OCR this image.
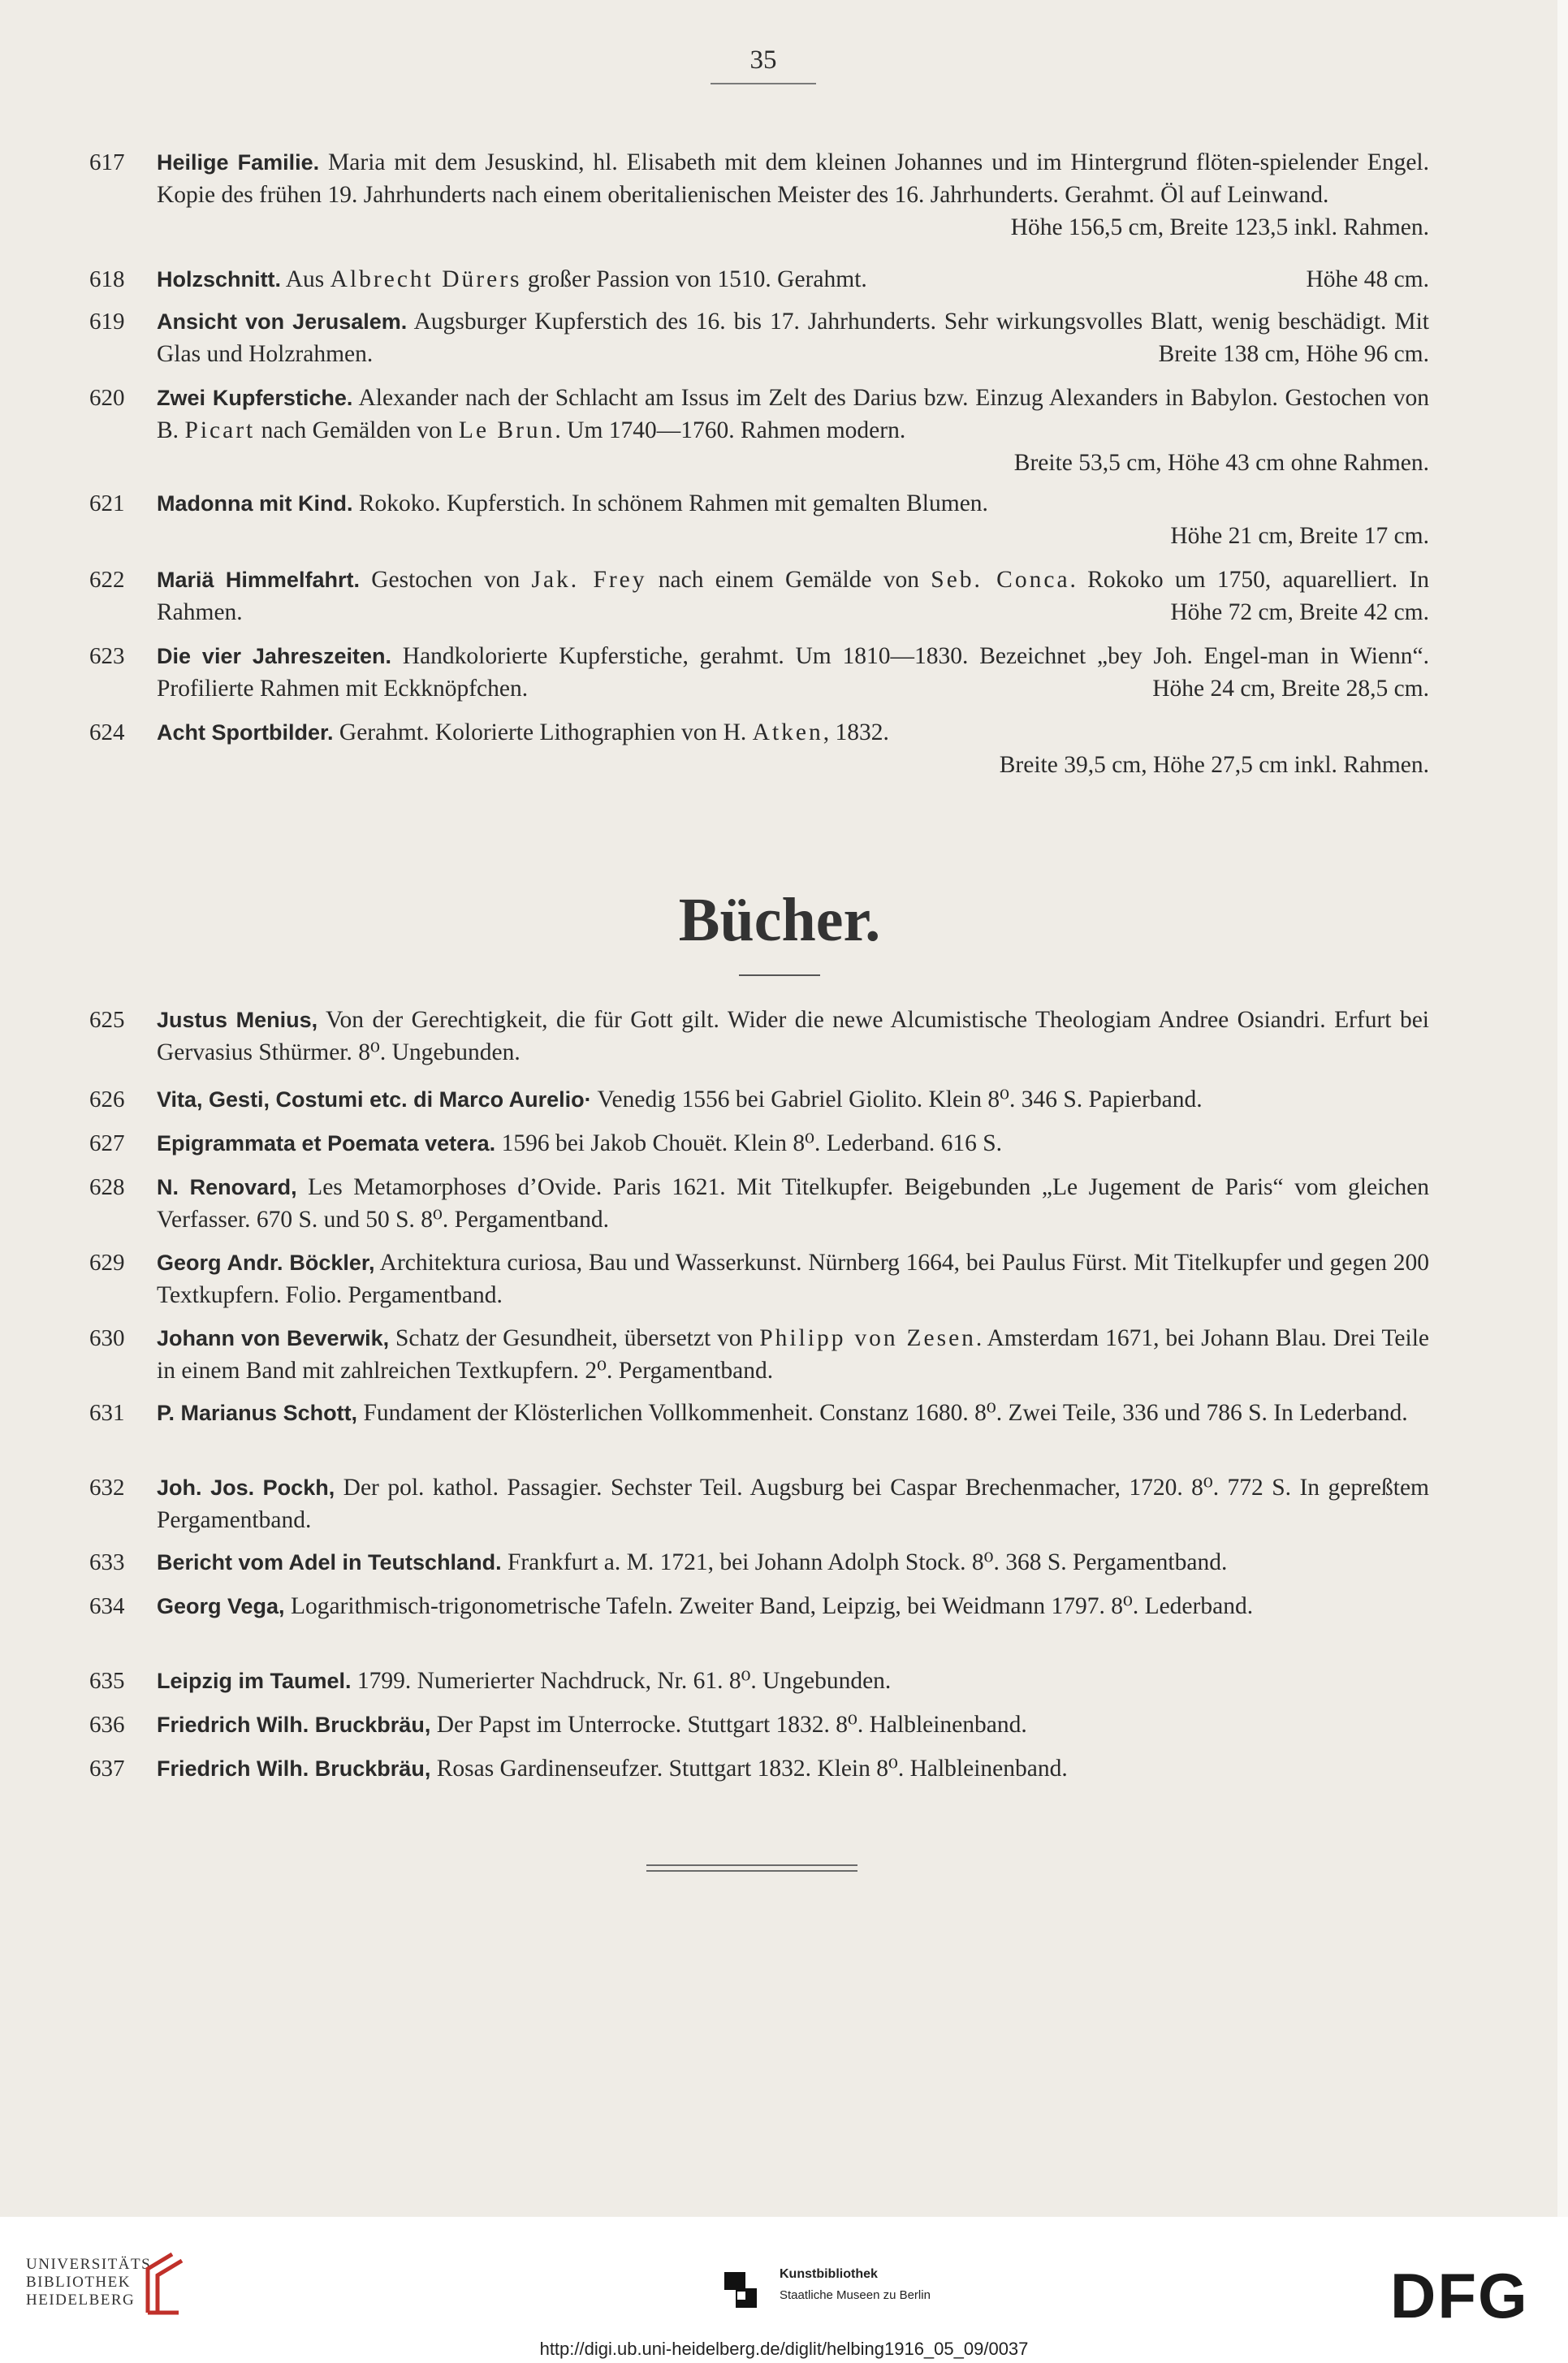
35
617	Heilige Familie. Maria mit dem Jesuskind, hl. Elisabeth mit dem kleinen Johannes und im Hintergrund flöten-spielender Engel. Kopie des frühen 19. Jahrhunderts nach einem oberitalienischen Meister des 16. Jahrhunderts. Gerahmt. Öl auf Leinwand.
Höhe 156,5 cm, Breite 123,5 inkl. Rahmen.
618	Holzschnitt. Aus Albrecht Dürers großer Passion von 1510. Gerahmt.	Höhe 48 cm.
619	Ansicht von Jerusalem. Augsburger Kupferstich des 16. bis 17. Jahrhunderts. Sehr wirkungsvolles Blatt, wenig beschädigt. Mit Glas und Holzrahmen.	Breite 138 cm, Höhe 96 cm.
620	Zwei Kupferstiche. Alexander nach der Schlacht am Issus im Zelt des Darius bzw. Einzug Alexanders in Babylon. Gestochen von B. Picart nach Gemälden von Le Brun. Um 1740—1760. Rahmen modern.
Breite 53,5 cm, Höhe 43 cm ohne Rahmen.
621	Madonna mit Kind. Rokoko. Kupferstich. In schönem Rahmen mit gemalten Blumen.
Höhe 21 cm, Breite 17 cm.
622	Mariä Himmelfahrt. Gestochen von Jak. Frey nach einem Gemälde von Seb. Conca. Rokoko um 1750, aquarelliert. In Rahmen.	Höhe 72 cm, Breite 42 cm.
623	Die vier Jahreszeiten. Handkolorierte Kupferstiche, gerahmt. Um 1810—1830. Bezeichnet „bey Joh. Engel-man in Wienn“. Profilierte Rahmen mit Eckknöpfchen.	Höhe 24 cm, Breite 28,5 cm.
624	Acht Sportbilder. Gerahmt. Kolorierte Lithographien von H. Atken, 1832.
Breite 39,5 cm, Höhe 27,5 cm inkl. Rahmen.
Bücher.
625	Justus Menius, Von der Gerechtigkeit, die für Gott gilt. Wider die newe Alcumistische Theologiam Andree Osiandri. Erfurt bei Gervasius Sthürmer. 8⁰. Ungebunden.
626	Vita, Gesti, Costumi etc. di Marco Aurelio· Venedig 1556 bei Gabriel Giolito. Klein 8⁰. 346 S. Papierband.
627	Epigrammata et Poemata vetera. 1596 bei Jakob Chouët. Klein 8⁰. Lederband. 616 S.
628	N. Renovard, Les Metamorphoses d’Ovide. Paris 1621. Mit Titelkupfer. Beigebunden „Le Jugement de Paris“ vom gleichen Verfasser. 670 S. und 50 S. 8⁰. Pergamentband.
629	Georg Andr. Böckler, Architektura curiosa, Bau und Wasserkunst. Nürnberg 1664, bei Paulus Fürst. Mit Titelkupfer und gegen 200 Textkupfern. Folio. Pergamentband.
630	Johann von Beverwik, Schatz der Gesundheit, übersetzt von Philipp von Zesen. Amsterdam 1671, bei Johann Blau. Drei Teile in einem Band mit zahlreichen Textkupfern. 2⁰. Pergamentband.
631	P. Marianus Schott, Fundament der Klösterlichen Vollkommenheit. Constanz 1680. 8⁰. Zwei Teile, 336 und 786 S. In Lederband.
632	Joh. Jos. Pockh, Der pol. kathol. Passagier. Sechster Teil. Augsburg bei Caspar Brechenmacher, 1720. 8⁰. 772 S. In gepreßtem Pergamentband.
633	Bericht vom Adel in Teutschland. Frankfurt a. M. 1721, bei Johann Adolph Stock. 8⁰. 368 S. Pergamentband.
634	Georg Vega, Logarithmisch-trigonometrische Tafeln. Zweiter Band, Leipzig, bei Weidmann 1797. 8⁰. Lederband.
635	Leipzig im Taumel. 1799. Numerierter Nachdruck, Nr. 61. 8⁰. Ungebunden.
636	Friedrich Wilh. Bruckbräu, Der Papst im Unterrocke. Stuttgart 1832. 8⁰. Halbleinenband.
637	Friedrich Wilh. Bruckbräu, Rosas Gardinenseufzer. Stuttgart 1832. Klein 8⁰. Halbleinenband.
UNIVERSITÄTS-
BIBLIOTHEK
HEIDELBERG
Kunstbibliothek
Staatliche Museen zu Berlin	DFG
http://digi.ub.uni-heidelberg.de/diglit/helbing1916_05_09/0037
